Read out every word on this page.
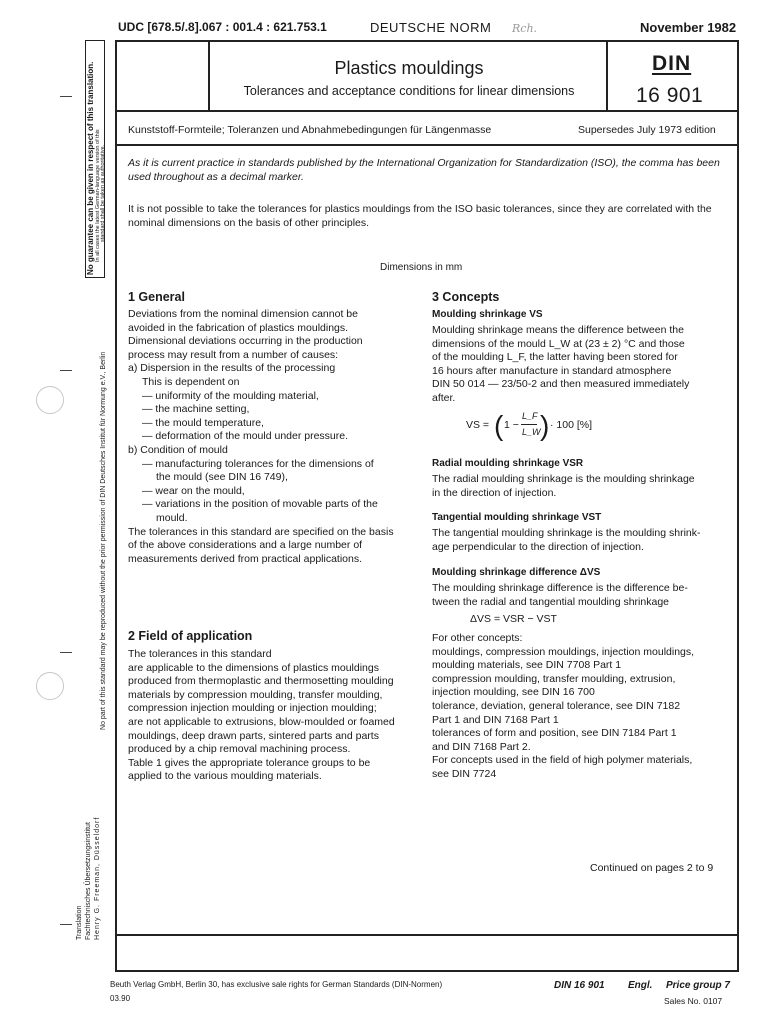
UDC [678.5/.8].067 : 001.4 : 621.753.1	DEUTSCHE NORM Rch.	November 1982
Plastics mouldings
Tolerances and acceptance conditions for linear dimensions
DIN
16 901
Kunststoff-Formteile; Toleranzen und Abnahmebedingungen für Längenmasse	Supersedes July 1973 edition
As it is current practice in standards published by the International Organization for Standardization (ISO), the comma has been used throughout as a decimal marker.
It is not possible to take the tolerances for plastics mouldings from the ISO basic tolerances, since they are correlated with the nominal dimensions on the basis of other principles.
Dimensions in mm
1 General

Deviations from the nominal dimension cannot be

avoided in the fabrication of plastics mouldings.

Dimensional deviations occurring in the production

process may result from a number of causes:

a) Dispersion in the results of the processing

This is dependent on

— uniformity of the moulding material,

— the machine setting,

— the mould temperature,

— deformation of the mould under pressure.

b) Condition of mould

— manufacturing tolerances for the dimensions of

the mould (see DIN 16 749),

— wear on the mould,

— variations in the position of movable parts of the

mould.

The tolerances in this standard are specified on the basis

of the above considerations and a large number of

measurements derived from practical applications.

2 Field of application

The tolerances in this standard

are applicable to the dimensions of plastics mouldings

produced from thermoplastic and thermosetting moulding

materials by compression moulding, transfer moulding,

compression injection moulding or injection moulding;

are not applicable to extrusions, blow-moulded or foamed

mouldings, deep drawn parts, sintered parts and parts

produced by a chip removal machining process.

Table 1 gives the appropriate tolerance groups to be

applied to the various moulding materials.

3 Concepts
Moulding shrinkage VS

Moulding shrinkage means the difference between the

dimensions of the mould L_W at (23 ± 2) °C and those

of the moulding L_F, the latter having been stored for

16 hours after manufacture in standard atmosphere

DIN 50 014 — 23/50-2 and then measured immediately

after.

VS = ( 1 −
L_F
L_W ) · 100 [%]
Radial moulding shrinkage VSR

The radial moulding shrinkage is the moulding shrinkage

in the direction of injection.

Tangential moulding shrinkage VST

The tangential moulding shrinkage is the moulding shrink-

age perpendicular to the direction of injection.

Moulding shrinkage difference ΔVS

The moulding shrinkage difference is the difference be-

tween the radial and tangential moulding shrinkage

ΔVS = VSR − VST

For other concepts:

mouldings, compression mouldings, injection mouldings,

moulding materials, see DIN 7708 Part 1

compression moulding, transfer moulding, extrusion,

injection moulding, see DIN 16 700

tolerance, deviation, general tolerance, see DIN 7182

Part 1 and DIN 7168 Part 1

tolerances of form and position, see DIN 7184 Part 1

and DIN 7168 Part 2.

For concepts used in the field of high polymer materials,

see DIN 7724

Continued on pages 2 to 9
Beuth Verlag GmbH, Berlin 30, has exclusive sale rights for German Standards (DIN-Normen)
03.90
DIN 16 901 Engl. Price group 7
Sales No. 0107
No guarantee can be given in respect of this translation. In all cases the latest German-language version of this standard shall be taken as authoritative.
No part of this standard may be reproduced without the prior permission of DIN Deutsches Institut für Normung e.V., Berlin
Translation Fachtechnisches Übersetzungsinstitut Henry G. Freeman, Düsseldorf
